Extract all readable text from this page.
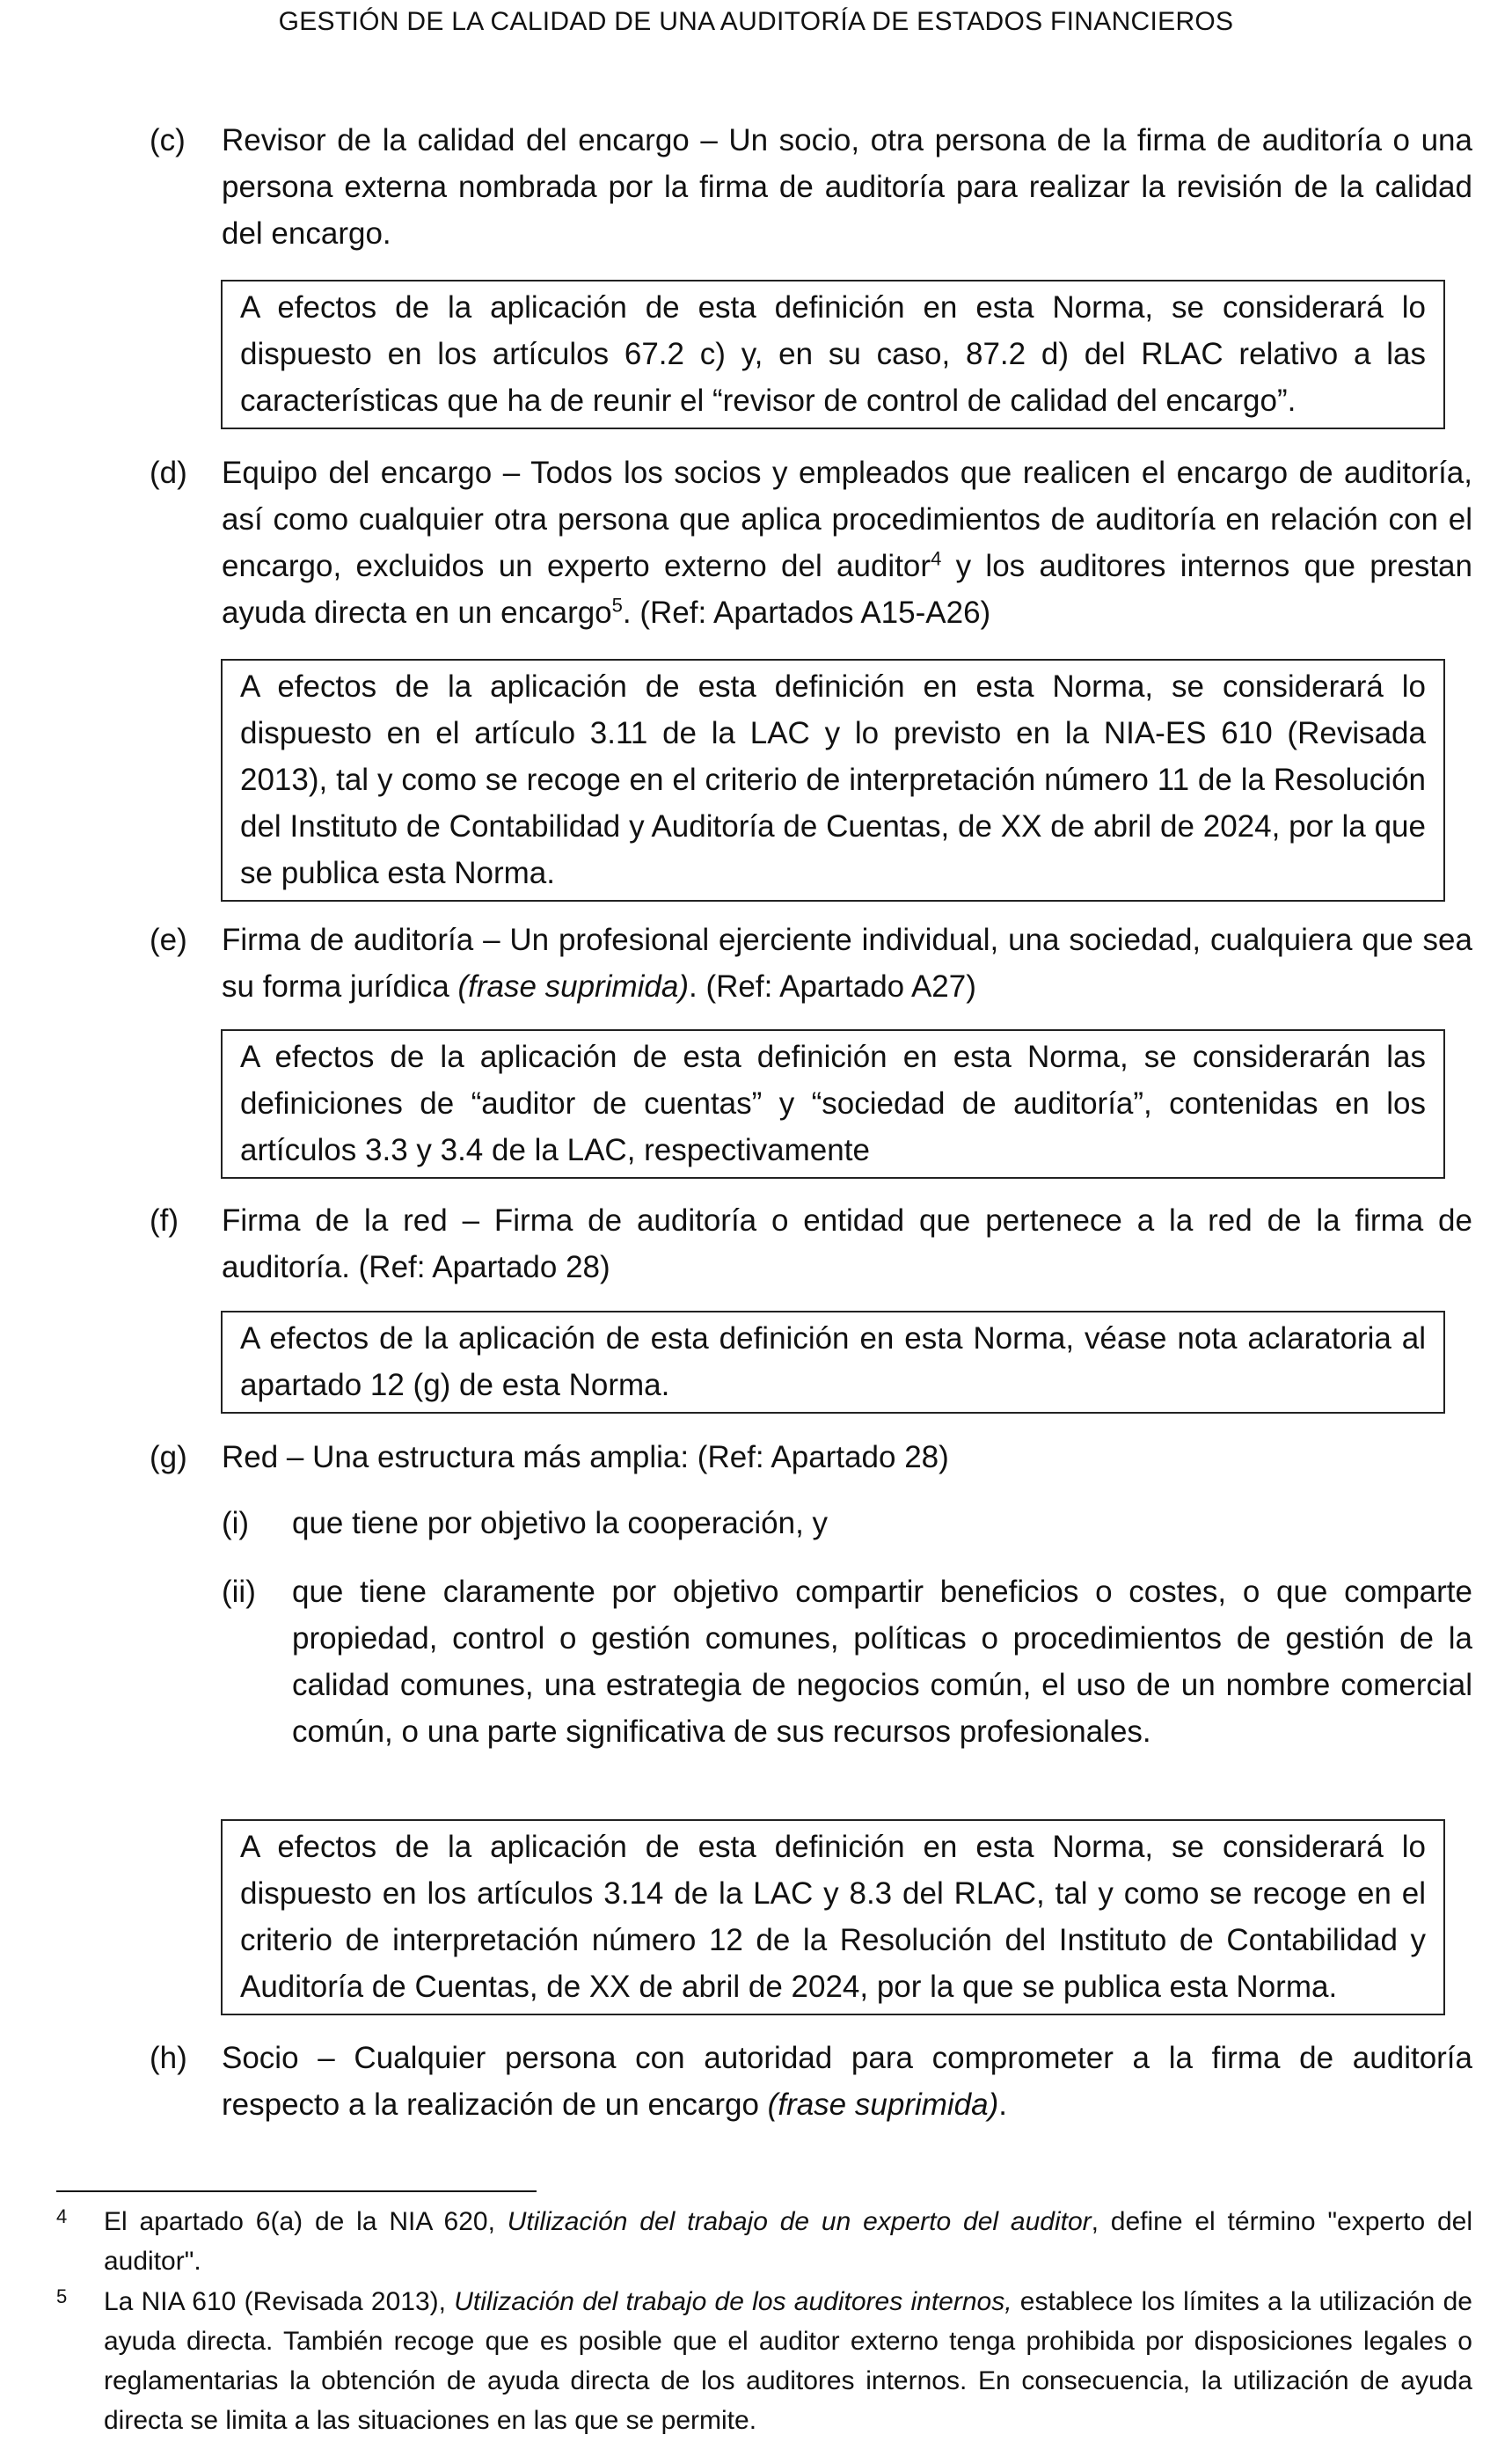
GESTIÓN DE LA CALIDAD DE UNA AUDITORÍA DE ESTADOS FINANCIEROS
(c) Revisor de la calidad del encargo – Un socio, otra persona de la firma de auditoría o una persona externa nombrada por la firma de auditoría para realizar la revisión de la calidad del encargo.
A efectos de la aplicación de esta definición en esta Norma, se considerará lo dispuesto en los artículos 67.2 c) y, en su caso, 87.2 d) del RLAC relativo a las características que ha de reunir el “revisor de control de calidad del encargo”.
(d) Equipo del encargo – Todos los socios y empleados que realicen el encargo de auditoría, así como cualquier otra persona que aplica procedimientos de auditoría en relación con el encargo, excluidos un experto externo del auditor$^4$ y los auditores internos que prestan ayuda directa en un encargo$^5$. (Ref: Apartados A15-A26)
A efectos de la aplicación de esta definición en esta Norma, se considerará lo dispuesto en el artículo 3.11 de la LAC y lo previsto en la NIA-ES 610 (Revisada 2013), tal y como se recoge en el criterio de interpretación número 11 de la Resolución del Instituto de Contabilidad y Auditoría de Cuentas, de XX de abril de 2024, por la que se publica esta Norma.
(e) Firma de auditoría – Un profesional ejerciente individual, una sociedad, cualquiera que sea su forma jurídica (frase suprimida). (Ref: Apartado A27)
A efectos de la aplicación de esta definición en esta Norma, se considerarán las definiciones de “auditor de cuentas” y “sociedad de auditoría”, contenidas en los artículos 3.3 y 3.4 de la LAC, respectivamente
(f) Firma de la red – Firma de auditoría o entidad que pertenece a la red de la firma de auditoría. (Ref: Apartado 28)
A efectos de la aplicación de esta definición en esta Norma, véase nota aclaratoria al apartado 12 (g) de esta Norma.
(g) Red – Una estructura más amplia: (Ref: Apartado 28)
(i) que tiene por objetivo la cooperación, y
(ii) que tiene claramente por objetivo compartir beneficios o costes, o que comparte propiedad, control o gestión comunes, políticas o procedimientos de gestión de la calidad comunes, una estrategia de negocios común, el uso de un nombre comercial común, o una parte significativa de sus recursos profesionales.
A efectos de la aplicación de esta definición en esta Norma, se considerará lo dispuesto en los artículos 3.14 de la LAC y 8.3 del RLAC, tal y como se recoge en el criterio de interpretación número 12 de la Resolución del Instituto de Contabilidad y Auditoría de Cuentas, de XX de abril de 2024, por la que se publica esta Norma.
(h) Socio – Cualquier persona con autoridad para comprometer a la firma de auditoría respecto a la realización de un encargo (frase suprimida).
4 El apartado 6(a) de la NIA 620, Utilización del trabajo de un experto del auditor, define el término "experto del auditor".
5 La NIA 610 (Revisada 2013), Utilización del trabajo de los auditores internos, establece los límites a la utilización de ayuda directa. También recoge que es posible que el auditor externo tenga prohibida por disposiciones legales o reglamentarias la obtención de ayuda directa de los auditores internos. En consecuencia, la utilización de ayuda directa se limita a las situaciones en las que se permite.
